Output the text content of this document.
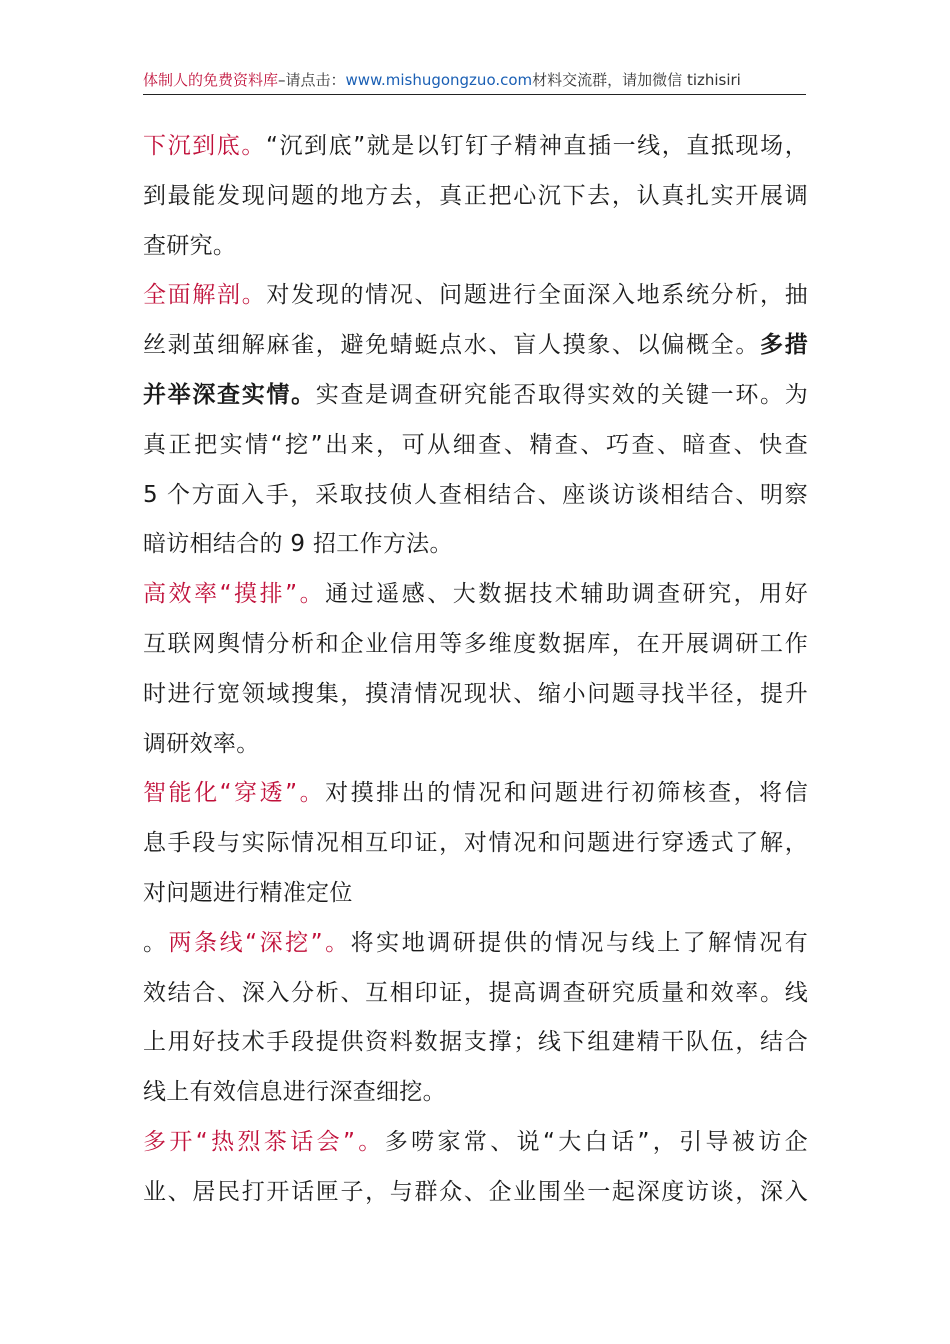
体制人的免费资料库–请点击：www.mishugongzuo.com材料交流群，请加微信 tizhisiri
下沉到底。“沉到底”就是以钉钉子精神直插一线，直抵现场，
到最能发现问题的地方去，真正把心沉下去，认真扎实开展调
查研究。
全面解剖。对发现的情况、问题进行全面深入地系统分析，抽
丝剥茧细解麻雀，避免蜻蜓点水、盲人摸象、以偏概全。多措
并举深查实情。实查是调查研究能否取得实效的关键一环。为
真正把实情“挖”出来，可从细查、精查、巧查、暗查、快查
5 个方面入手，采取技侦人查相结合、座谈访谈相结合、明察
暗访相结合的 9 招工作方法。
高效率“摸排”。通过遥感、大数据技术辅助调查研究，用好
互联网舆情分析和企业信用等多维度数据库，在开展调研工作
时进行宽领域搜集，摸清情况现状、缩小问题寻找半径，提升
调研效率。
智能化“穿透”。对摸排出的情况和问题进行初筛核查，将信
息手段与实际情况相互印证，对情况和问题进行穿透式了解，
对问题进行精准定位
。两条线“深挖”。将实地调研提供的情况与线上了解情况有
效结合、深入分析、互相印证，提高调查研究质量和效率。线
上用好技术手段提供资料数据支撑；线下组建精干队伍，结合
线上有效信息进行深查细挖。
多开“热烈茶话会”。多唠家常、说“大白话”，引导被访企
业、居民打开话匣子，与群众、企业围坐一起深度访谈，深入
